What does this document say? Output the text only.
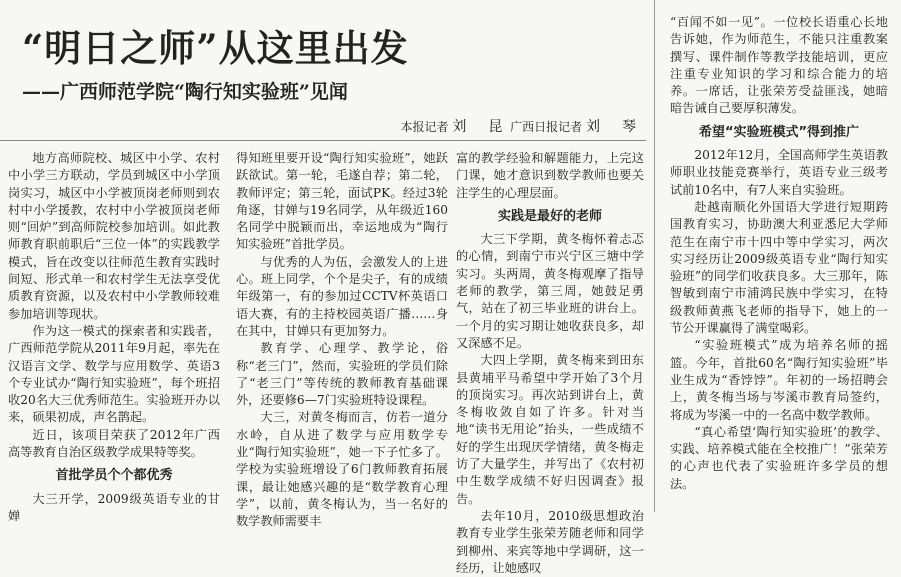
“明日之师”从这里出发
——广西师范学院“陶行知实验班”见闻
本报记者 刘　昆 广西日报记者 刘　琴

地方高师院校、城区中小学、农村中小学三方联动，学员到城区中小学顶岗实习，城区中小学被顶岗老师则到农村中小学援教，农村中小学被顶岗老师则“回炉”到高师院校参加培训。如此教师教育职前职后“三位一体”的实践教学模式，旨在改变以往师范生教育实践时间短、形式单一和农村学生无法享受优质教育资源，以及农村中小学教师较难参加培训等现状。

作为这一模式的探索者和实践者，广西师范学院从2011年9月起，率先在汉语言文学、数学与应用数学、英语3个专业试办“陶行知实验班”，每个班招收20名大三优秀师范生。实验班开办以来，硕果初成，声名鹊起。

近日，该项目荣获了2012年广西高等教育自治区级教学成果特等奖。

首批学员个个都优秀

大三开学，2009级英语专业的甘婵

得知班里要开设“陶行知实验班”，她跃跃欲试。第一轮，毛遂自荐；第二轮，教师评定；第三轮，面试PK。经过3轮角逐，甘婵与19名同学，从年级近160名同学中脱颖而出，幸运地成为“陶行知实验班”首批学员。

与优秀的人为伍，会激发人的上进心。班上同学，个个是尖子，有的成绩年级第一，有的参加过CCTV杯英语口语大赛，有的主持校园英语广播……身在其中，甘婵只有更加努力。

教育学、心理学、教学论，俗称“老三门”，然而，实验班的学员们除了“老三门”等传统的教师教育基础课外，还要修6—7门实验班特设课程。

大三，对黄冬梅而言，仿若一道分水岭，自从进了数学与应用数学专业“陶行知实验班”，她一下子忙多了。学校为实验班增设了6门教师教育拓展课，最让她感兴趣的是“数学教育心理学”，以前，黄冬梅认为，当一名好的数学教师需要丰

富的教学经验和解题能力，上完这门课，她才意识到数学教师也要关注学生的心理层面。

实践是最好的老师

大三下学期，黄冬梅怀着忐忑的心情，到南宁市兴宁区三塘中学实习。头两周，黄冬梅观摩了指导老师的教学，第三周，她鼓足勇气，站在了初三毕业班的讲台上。一个月的实习期让她收获良多，却又深感不足。

大四上学期，黄冬梅来到田东县黄埔平马希望中学开始了3个月的顶岗实习。再次站到讲台上，黄冬梅收敛自如了许多。针对当地“读书无用论”抬头，一些成绩不好的学生出现厌学情绪，黄冬梅走访了大量学生，并写出了《农村初中生数学成绩不好归因调查》报告。

去年10月，2010级思想政治教育专业学生张荣芳随老师和同学到柳州、来宾等地中学调研，这一经历，让她感叹

“百闻不如一见”。一位校长语重心长地告诉她，作为师范生，不能只注重教案撰写、课件制作等教学技能培训，更应注重专业知识的学习和综合能力的培养。一席话，让张荣芳受益匪浅，她暗暗告诫自己要厚积薄发。

希望“实验班模式”得到推广

2012年12月，全国高师学生英语教师职业技能竞赛举行，英语专业三级考试前10名中，有7人来自实验班。

赴越南顺化外国语大学进行短期跨国教育实习，协助澳大利亚悉尼大学师范生在南宁市十四中等中学实习，两次实习经历让2009级英语专业“陶行知实验班”的同学们收获良多。大三那年，陈智敏到南宁市浦鸿民族中学实习，在特级教师黄燕飞老师的指导下，她上的一节公开课赢得了满堂喝彩。

“实验班模式”成为培养名师的摇篮。今年，首批60名“陶行知实验班”毕业生成为“香饽饽”。年初的一场招聘会上，黄冬梅当场与岑溪市教育局签约，将成为岑溪一中的一名高中数学教师。

“真心希望‘陶行知实验班’的教学、实践、培养模式能在全校推广！”张荣芳的心声也代表了实验班许多学员的想法。
